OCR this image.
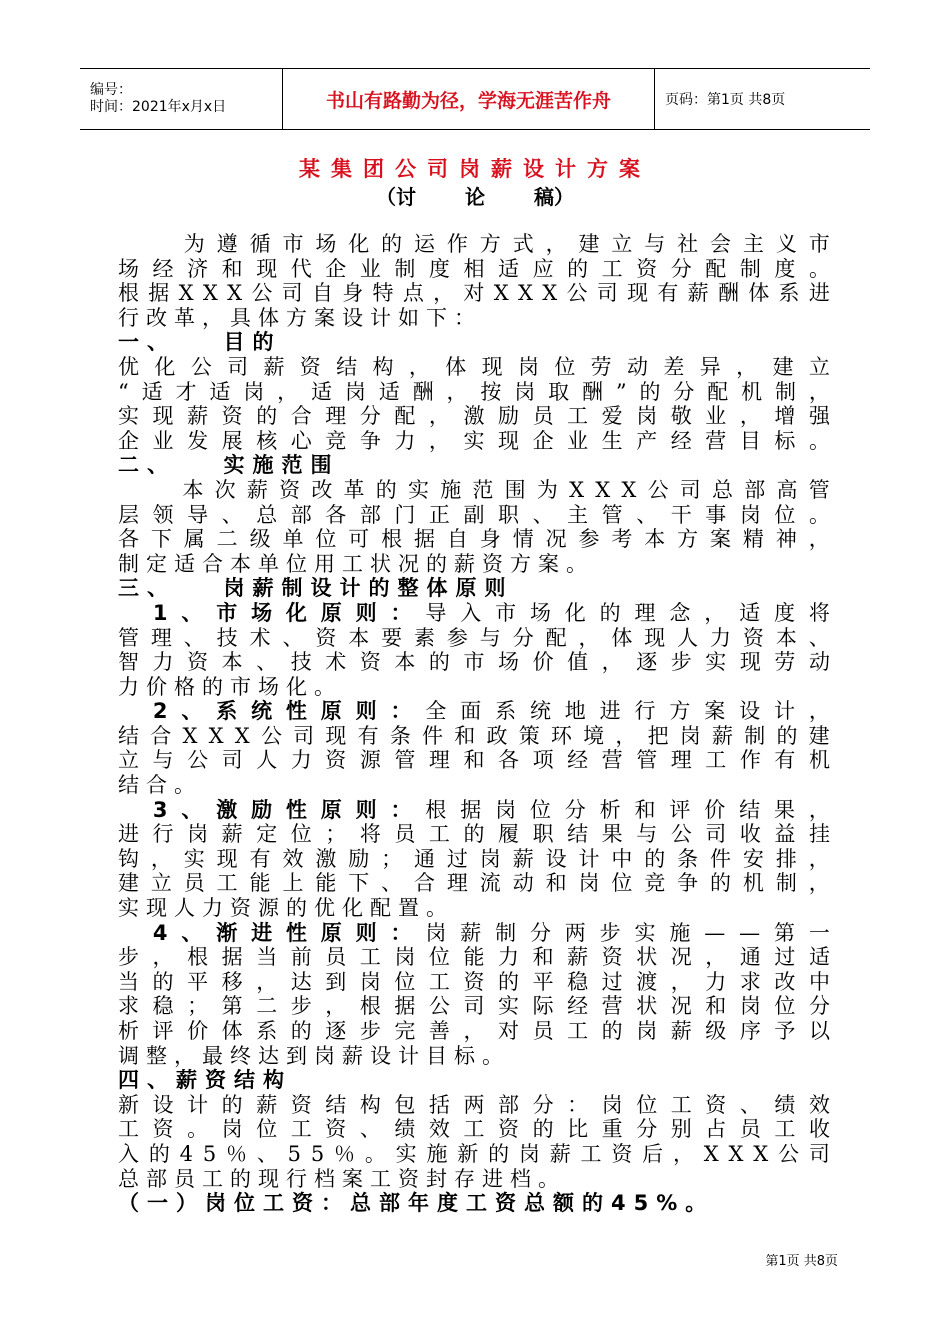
编号：
时间：2021年x月x日	书山有路勤为径，学海无涯苦作舟	页码：第1页 共8页
某集团公司岗薪设计方案
（讨 论 稿）

为 遵 循 市 场 化 的 运 作 方 式 ， 建 立 与 社 会 主 义 市
场 经 济 和 现 代 企 业 制 度 相 适 应 的 工 资 分 配 制 度 。
根 据 X X X 公 司 自 身 特 点 ， 对 X X X 公 司 现 有 薪 酬 体 系 进
行 改 革 ， 具 体 方 案 设 计 如 下 ：
一、　　目的
优 化 公 司 薪 资 结 构 ， 体 现 岗 位 劳 动 差 异 ， 建 立
“ 适 才 适 岗 ， 适 岗 适 酬 ， 按 岗 取 酬 ” 的 分 配 机 制 ，
实 现 薪 资 的 合 理 分 配 ， 激 励 员 工 爱 岗 敬 业 ， 增 强
企 业 发 展 核 心 竞 争 力 ， 实 现 企 业 生 产 经 营 目 标 。
二、　　实施范围

本 次 薪 资 改 革 的 实 施 范 围 为 X X X 公 司 总 部 高 管
层 领 导 、 总 部 各 部 门 正 副 职 、 主 管 、 干 事 岗 位 。
各 下 属 二 级 单 位 可 根 据 自 身 情 况 参 考 本 方 案 精 神 ，
制 定 适 合 本 单 位 用 工 状 况 的 薪 资 方 案 。
三、　　岗薪制设计的整体原则

1 、 市 场 化 原 则 ： 导 入 市 场 化 的 理 念 ， 适 度 将
管 理 、 技 术 、 资 本 要 素 参 与 分 配 ， 体 现 人 力 资 本 、
智 力 资 本 、 技 术 资 本 的 市 场 价 值 ， 逐 步 实 现 劳 动
力 价 格 的 市 场 化 。

2 、 系 统 性 原 则 ： 全 面 系 统 地 进 行 方 案 设 计 ，
结 合 X X X 公 司 现 有 条 件 和 政 策 环 境 ， 把 岗 薪 制 的 建
立 与 公 司 人 力 资 源 管 理 和 各 项 经 营 管 理 工 作 有 机
结 合 。

3 、 激 励 性 原 则 ： 根 据 岗 位 分 析 和 评 价 结 果 ，
进 行 岗 薪 定 位 ； 将 员 工 的 履 职 结 果 与 公 司 收 益 挂
钩 ， 实 现 有 效 激 励 ； 通 过 岗 薪 设 计 中 的 条 件 安 排 ，
建 立 员 工 能 上 能 下 、 合 理 流 动 和 岗 位 竞 争 的 机 制 ，
实 现 人 力 资 源 的 优 化 配 置 。

4 、 渐 进 性 原 则 ： 岗 薪 制 分 两 步 实 施 — — 第 一
步 ， 根 据 当 前 员 工 岗 位 能 力 和 薪 资 状 况 ， 通 过 适
当 的 平 移 ， 达 到 岗 位 工 资 的 平 稳 过 渡 ， 力 求 改 中
求 稳 ； 第 二 步 ， 根 据 公 司 实 际 经 营 状 况 和 岗 位 分
析 评 价 体 系 的 逐 步 完 善 ， 对 员 工 的 岗 薪 级 序 予 以
调 整 ， 最 终 达 到 岗 薪 设 计 目 标 。
四、薪资结构
新 设 计 的 薪 资 结 构 包 括 两 部 分 ： 岗 位 工 资 、 绩 效
工 资 。 岗 位 工 资 、 绩 效 工 资 的 比 重 分 别 占 员 工 收
入 的 4 5 ％ 、 5 5 ％ 。 实 施 新 的 岗 薪 工 资 后 ， X X X 公 司
总 部 员 工 的 现 行 档 案 工 资 封 存 进 档 。
（一）岗位工资：总部年度工资总额的45%。
第1页 共8页
